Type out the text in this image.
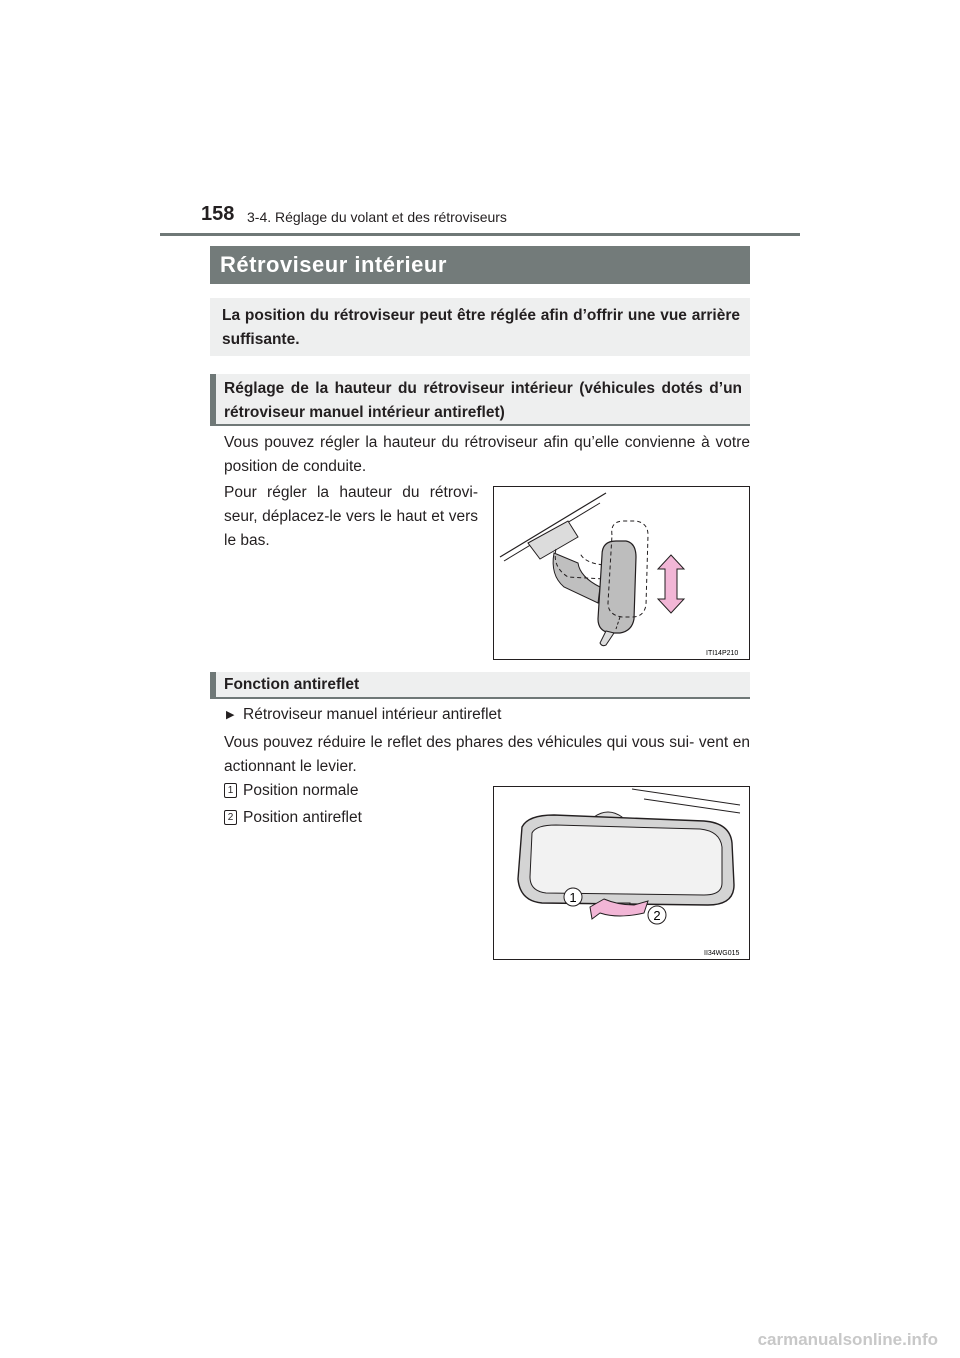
158 3-4. Réglage du volant et des rétroviseurs
Rétroviseur intérieur
La position du rétroviseur peut être réglée afin d’offrir une vue arrière suffisante.
Réglage de la hauteur du rétroviseur intérieur (véhicules dotés d’un rétroviseur manuel intérieur antireflet)
Vous pouvez régler la hauteur du rétroviseur afin qu’elle convienne à votre position de conduite.
Pour régler la hauteur du rétrovi- seur, déplacez-le vers le haut et vers le bas.
ITI14P210
Fonction antireflet
▶ Rétroviseur manuel intérieur antireflet
Vous pouvez réduire le reflet des phares des véhicules qui vous sui- vent en actionnant le levier.
1 Position normale
2 Position antireflet
1
2
II34WG015
carmanualsonline.info
